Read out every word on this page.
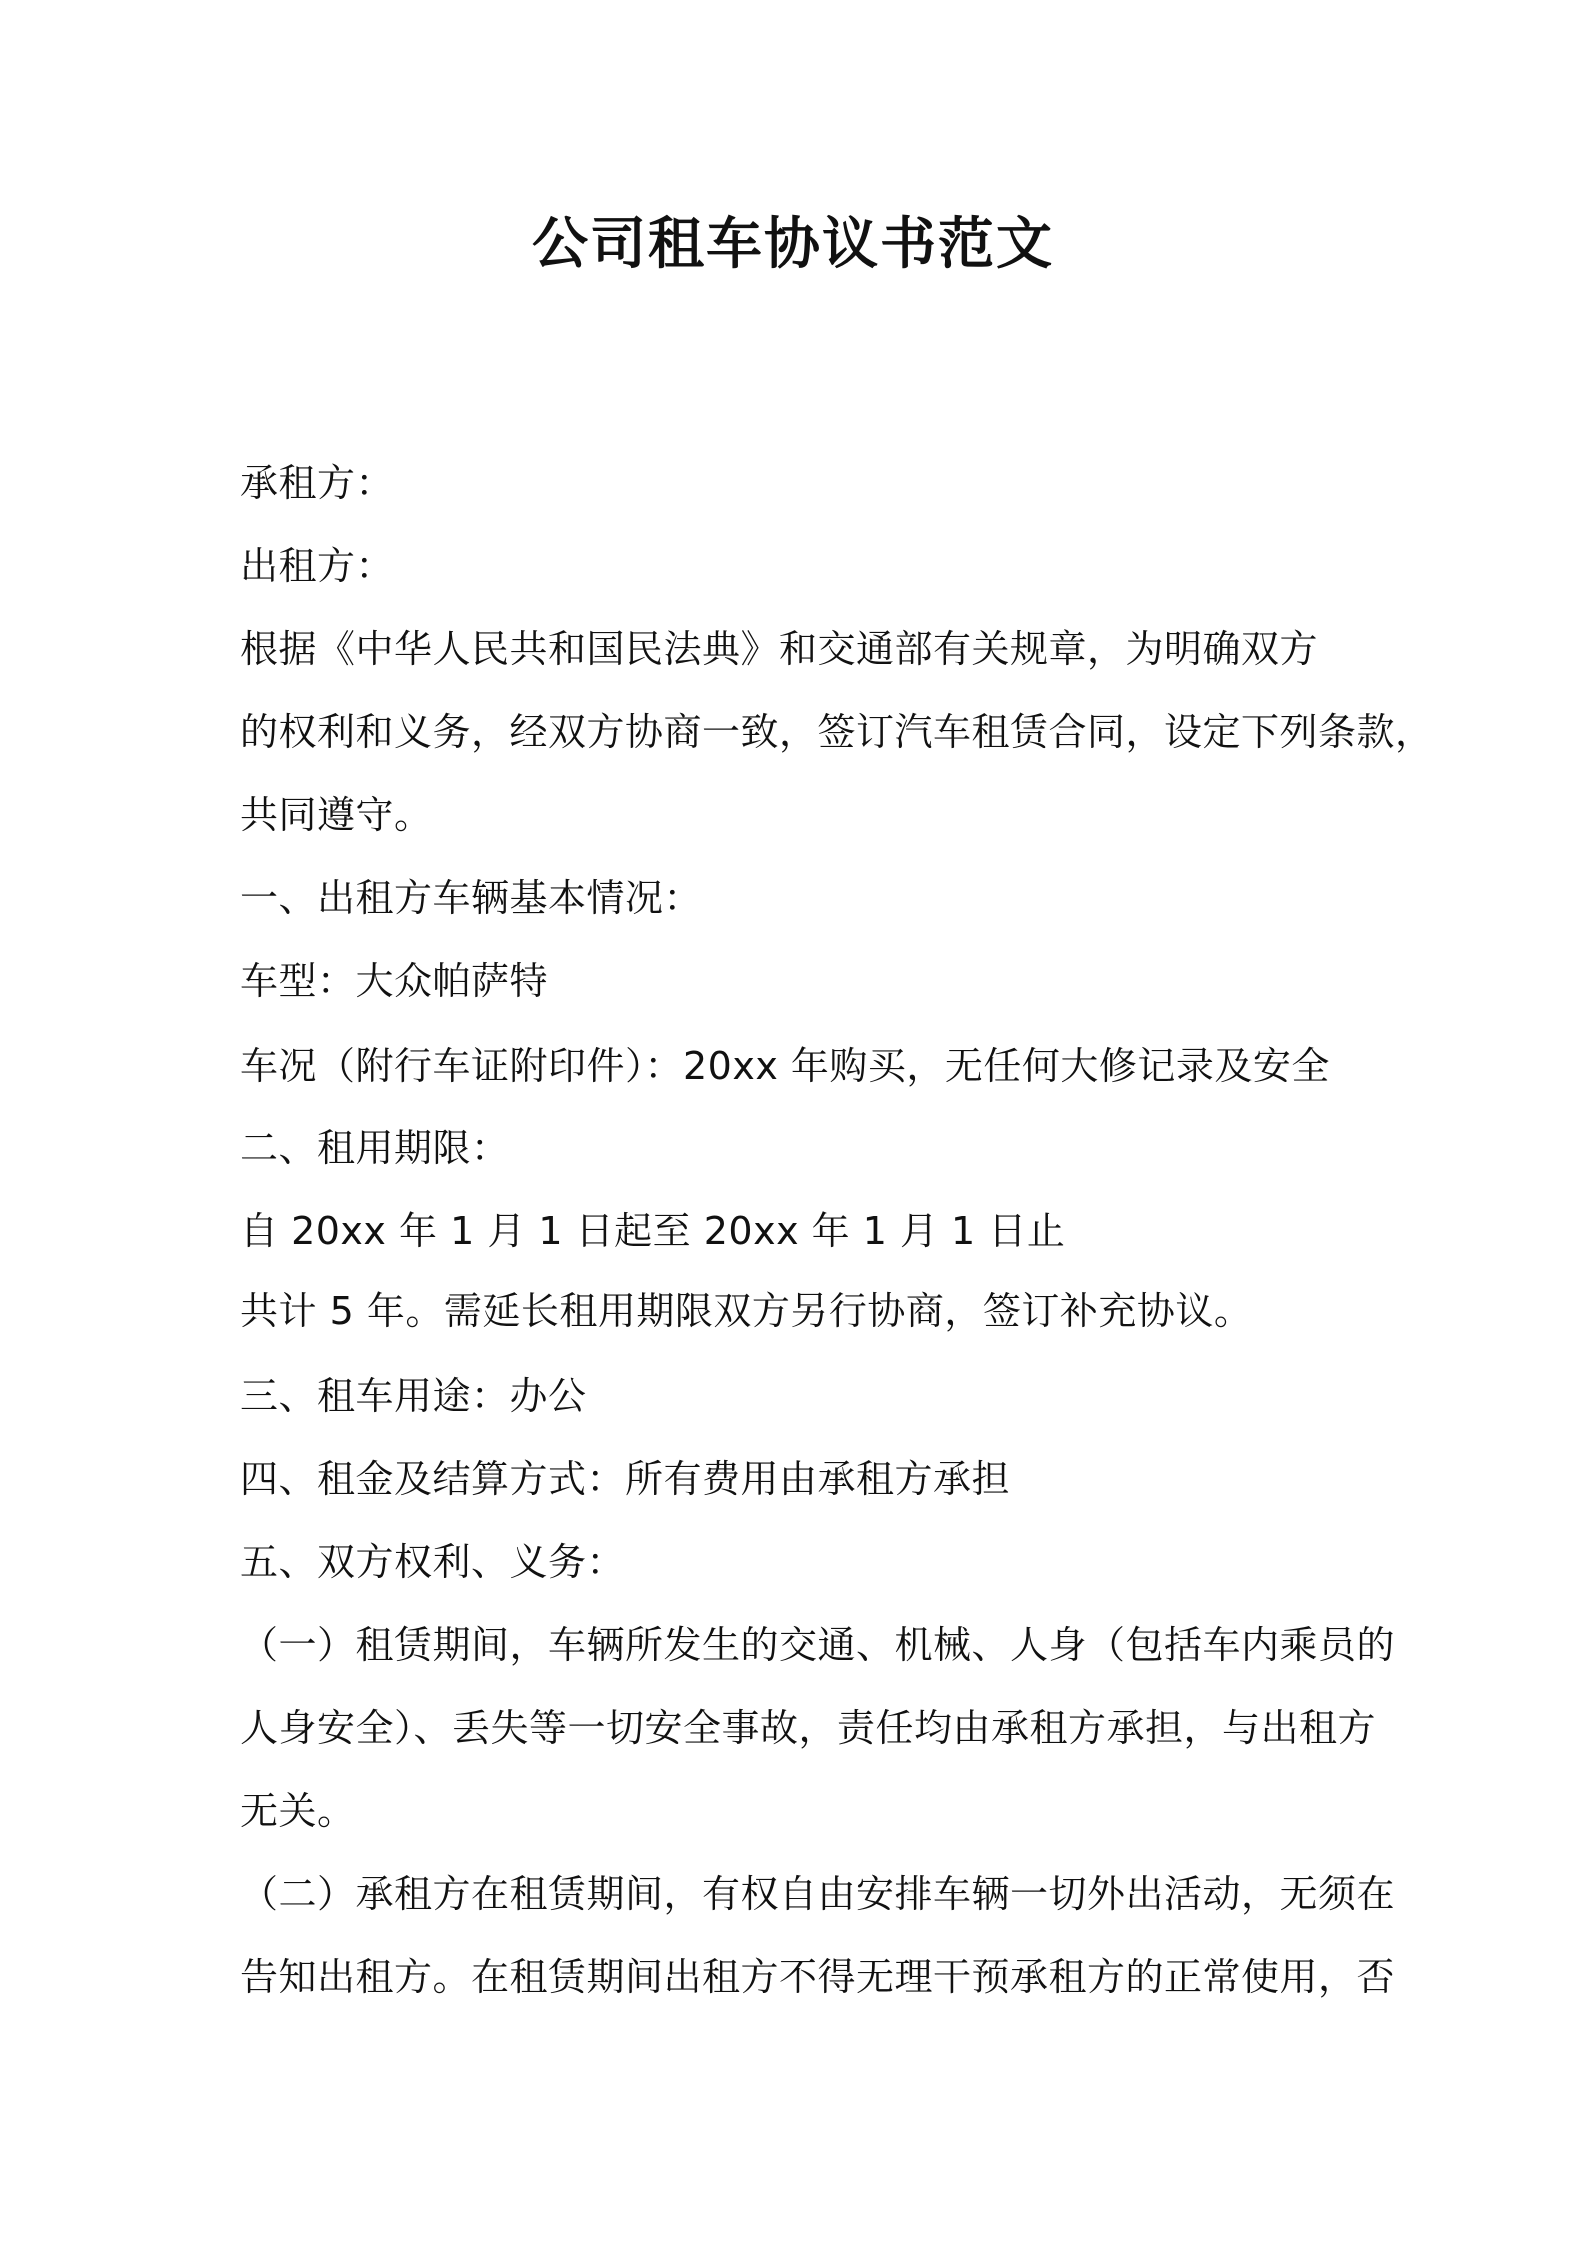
公司租车协议书范文
承租方：
出租方：
根据《中华人民共和国民法典》和交通部有关规章，为明确双方
的权利和义务，经双方协商一致，签订汽车租赁合同，设定下列条款，
共同遵守。
一、出租方车辆基本情况：
车型：大众帕萨特
车况（附行车证附印件）：20xx 年购买，无任何大修记录及安全
二、租用期限：
自 20xx 年 1 月 1 日起至 20xx 年 1 月 1 日止
共计 5 年。需延长租用期限双方另行协商，签订补充协议。
三、租车用途：办公
四、租金及结算方式：所有费用由承租方承担
五、双方权利、义务：
（一）租赁期间，车辆所发生的交通、机械、人身（包括车内乘员的
人身安全）、丢失等一切安全事故，责任均由承租方承担，与出租方
无关。
（二）承租方在租赁期间，有权自由安排车辆一切外出活动，无须在
告知出租方。在租赁期间出租方不得无理干预承租方的正常使用，否
